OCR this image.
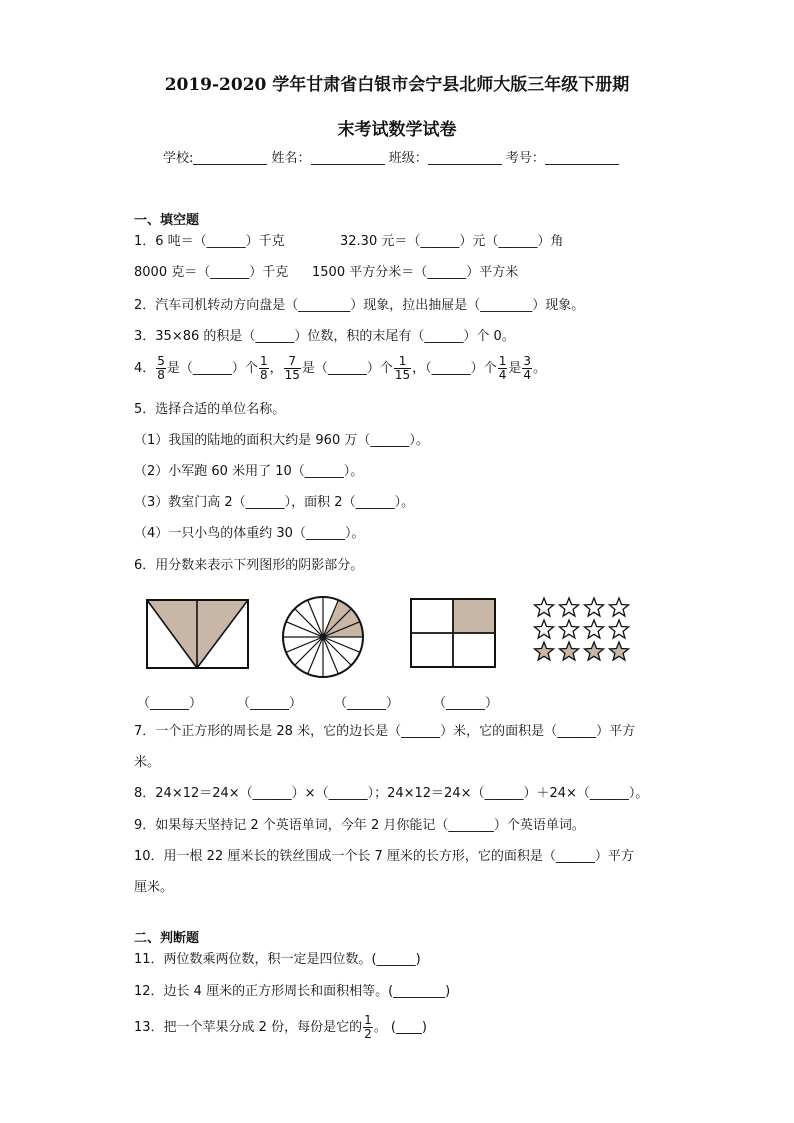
2019-2020 学年甘肃省白银市会宁县北师大版三年级下册期
末考试数学试卷
学校:	姓名：	班级：	考号：
一、填空题
1．6 吨＝（______）千克	32.30 元＝（______）元（______）角
8000 克＝（______）千克 1500 平方分米＝（______）平方米
2．汽车司机转动方向盘是（________）现象，拉出抽屉是（________）现象。
3．35×86 的积是（______）位数，积的末尾有（______）个 0。
4． $\frac{5}{8}$ 是（______）个 $\frac{1}{8}$ ， $\frac{7}{15}$ 是（______）个 $\frac{1}{15}$ ，（______）个 $\frac{1}{4}$ 是 $\frac{3}{4}$ 。
5．选择合适的单位名称。
（1）我国的陆地的面积大约是 960 万（______）。
（2）小军跑 60 米用了 10（______）。
（3）教室门高 2（______），面积 2（______）。
（4）一只小鸟的体重约 30（______）。
6．用分数来表示下列图形的阴影部分。
（______）	（______） （______）	（______）
7．一个正方形的周长是 28 米，它的边长是（______）米，它的面积是（______）平方
米。
8．24×12＝24×（______）×（______）；24×12＝24×（______）＋24×（______）。
9．如果每天坚持记 2 个英语单词，今年 2 月你能记（_______）个英语单词。
10．用一根 22 厘米长的铁丝围成一个长 7 厘米的长方形，它的面积是（______）平方
厘米。
二、判断题
11．两位数乘两位数，积一定是四位数。(______)
12．边长 4 厘米的正方形周长和面积相等。(________)
13．把一个苹果分成 2 份，每份是它的 $\frac{1}{2}$ 。 (____)
